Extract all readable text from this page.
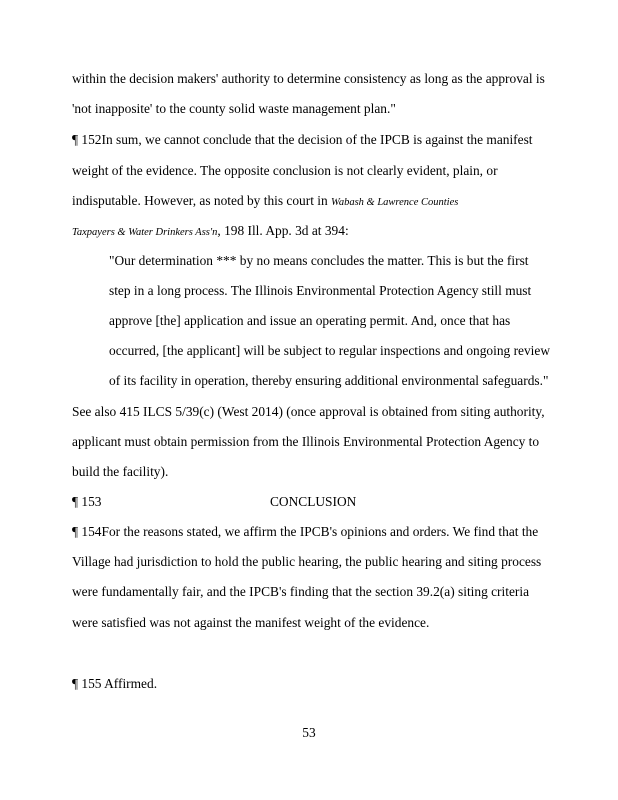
within the decision makers' authority to determine consistency as long as the approval is
'not inapposite' to the county solid waste management plan."
¶ 152In sum, we cannot conclude that the decision of the IPCB is against the manifest
weight of the evidence. The opposite conclusion is not clearly evident, plain, or
indisputable. However, as noted by this court in Wabash & Lawrence Counties
Taxpayers & Water Drinkers Ass'n, 198 Ill. App. 3d at 394:
"Our determination *** by no means concludes the matter. This is but the first
step in a long process. The Illinois Environmental Protection Agency still must
approve [the] application and issue an operating permit. And, once that has
occurred, [the applicant] will be subject to regular inspections and ongoing review
of its facility in operation, thereby ensuring additional environmental safeguards."
See also 415 ILCS 5/39(c) (West 2014) (once approval is obtained from siting authority,
applicant must obtain permission from the Illinois Environmental Protection Agency to
build the facility).
¶ 153	CONCLUSION
¶ 154For the reasons stated, we affirm the IPCB's opinions and orders. We find that the
Village had jurisdiction to hold the public hearing, the public hearing and siting process
were fundamentally fair, and the IPCB's finding that the section 39.2(a) siting criteria
were satisfied was not against the manifest weight of the evidence.
¶ 155 Affirmed.
53
